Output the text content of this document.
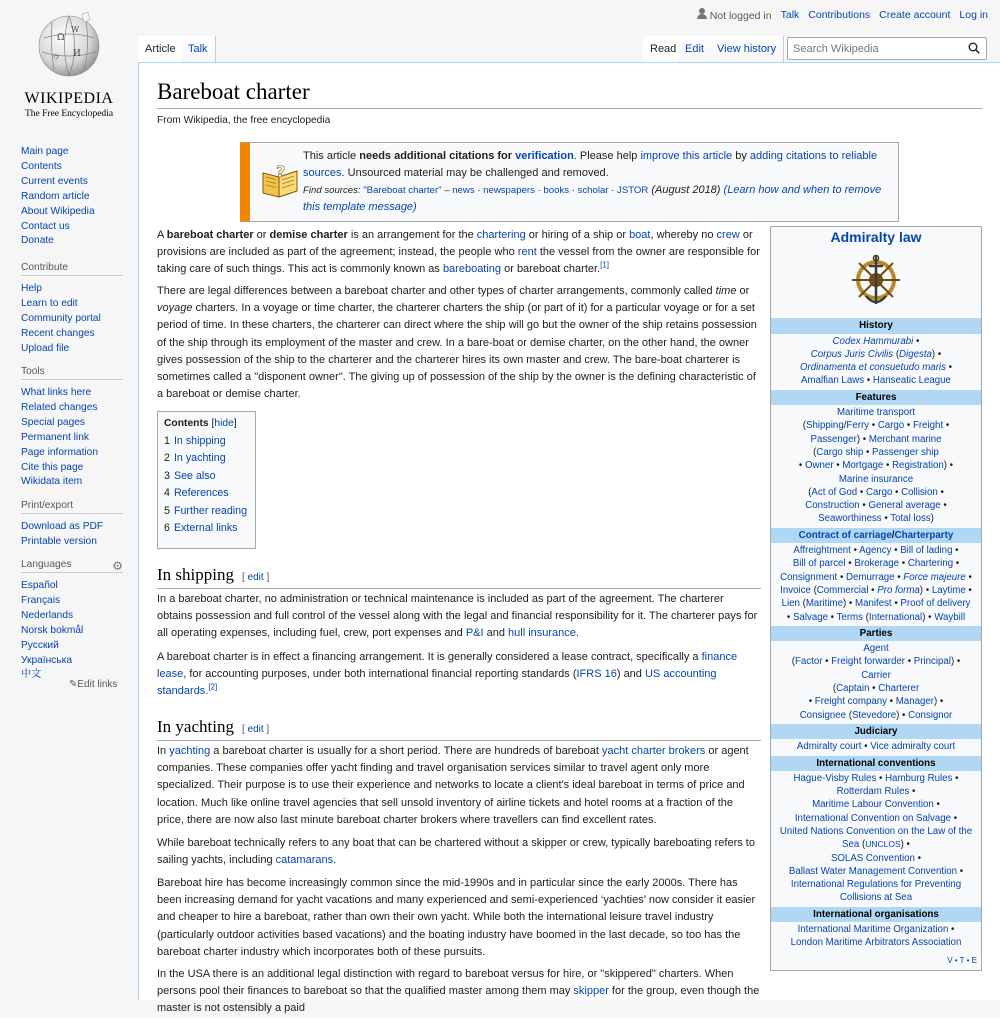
Ω
W
И
ウ
WIKIPEDIA
The Free Encyclopedia
Main page
Contents
Current events
Random article
About Wikipedia
Contact us
Donate
Contribute
Help
Learn to edit
Community portal
Recent changes
Upload file
Tools
What links here
Related changes
Special pages
Permanent link
Page information
Cite this page
Wikidata item
Print/export
Download as PDF
Printable version
Languages	⚙
Español
Français
Nederlands
Norsk bokmål
Русский
Українська
中文
✎Edit links
Not logged in Talk Contributions Create account Log in
Article	Talk	Read Edit	View history
Search Wikipedia
Bareboat charter
From Wikipedia, the free encyclopedia
?
This article needs additional citations for verification. Please help improve this article by adding citations to reliable sources. Unsourced material may be challenged and removed.
Find sources: "Bareboat charter" – news · newspapers · books · scholar · JSTOR (August 2018) (Learn how and when to remove this template message)
A bareboat charter or demise charter is an arrangement for the chartering or hiring of a ship or boat, whereby no crew or provisions are included as part of the agreement; instead, the people who rent the vessel from the owner are responsible for taking care of such things. This act is commonly known as bareboating or bareboat charter.[1]
There are legal differences between a bareboat charter and other types of charter arrangements, commonly called time or voyage charters. In a voyage or time charter, the charterer charters the ship (or part of it) for a particular voyage or for a set period of time. In these charters, the charterer can direct where the ship will go but the owner of the ship retains possession of the ship through its employment of the master and crew. In a bare-boat or demise charter, on the other hand, the owner gives possession of the ship to the charterer and the charterer hires its own master and crew. The bare-boat charterer is sometimes called a "disponent owner". The giving up of possession of the ship by the owner is the defining characteristic of a bareboat or demise charter.
Contents [hide]
1 In shipping
2 In yachting
3 See also
4 References
5 Further reading
6 External links
In shipping [ edit ]
In a bareboat charter, no administration or technical maintenance is included as part of the agreement. The charterer obtains possession and full control of the vessel along with the legal and financial responsibility for it. The charterer pays for all operating expenses, including fuel, crew, port expenses and P&I and hull insurance.
A bareboat charter is in effect a financing arrangement. It is generally considered a lease contract, specifically a finance lease, for accounting purposes, under both international financial reporting standards (IFRS 16) and US accounting standards.[2]
In yachting [ edit ]
In yachting a bareboat charter is usually for a short period. There are hundreds of bareboat yacht charter brokers or agent companies. These companies offer yacht finding and travel organisation services similar to travel agent only more specialized. Their purpose is to use their experience and networks to locate a client's ideal bareboat in terms of price and location. Much like online travel agencies that sell unsold inventory of airline tickets and hotel rooms at a fraction of the price, there are now also last minute bareboat charter brokers where travellers can find excellent rates.
While bareboat technically refers to any boat that can be chartered without a skipper or crew, typically bareboating refers to sailing yachts, including catamarans.
Bareboat hire has become increasingly common since the mid-1990s and in particular since the early 2000s. There has been increasing demand for yacht vacations and many experienced and semi-experienced ‘yachties’ now consider it easier and cheaper to hire a bareboat, rather than own their own yacht. While both the international leisure travel industry (particularly outdoor activities based vacations) and the boating industry have boomed in the last decade, so too has the bareboat charter industry which incorporates both of these pursuits.
In the USA there is an additional legal distinction with regard to bareboat versus for hire, or "skippered" charters. When persons pool their finances to bareboat so that the qualified master among them may skipper for the group, even though the master is not ostensibly a paid
Admiralty law
History
Codex Hammurabi •
Corpus Juris Civilis (Digesta) •
Ordinamenta et consuetudo maris •
Amalfian Laws • Hanseatic League
Features
Maritime transport
(Shipping/Ferry • Cargo • Freight •
Passenger) • Merchant marine
(Cargo ship • Passenger ship
• Owner • Mortgage • Registration) •
Marine insurance
(Act of God • Cargo • Collision •
Construction • General average •
Seaworthiness • Total loss)
Contract of carriage/Charterparty
Affreightment • Agency • Bill of lading •
Bill of parcel • Brokerage • Chartering •
Consignment • Demurrage • Force majeure •
Invoice (Commercial • Pro forma) • Laytime •
Lien (Maritime) • Manifest • Proof of delivery
• Salvage • Terms (International) • Waybill
Parties
Agent
(Factor • Freight forwarder • Principal) •
Carrier
(Captain • Charterer
• Freight company • Manager) •
Consignee (Stevedore) • Consignor
Judiciary
Admiralty court • Vice admiralty court
International conventions
Hague-Visby Rules • Hamburg Rules •
Rotterdam Rules •
Maritime Labour Convention •
International Convention on Salvage •
United Nations Convention on the Law of the Sea (UNCLOS) •
SOLAS Convention •
Ballast Water Management Convention •
International Regulations for Preventing Collisions at Sea
International organisations
International Maritime Organization •
London Maritime Arbitrators Association
V • T • E
